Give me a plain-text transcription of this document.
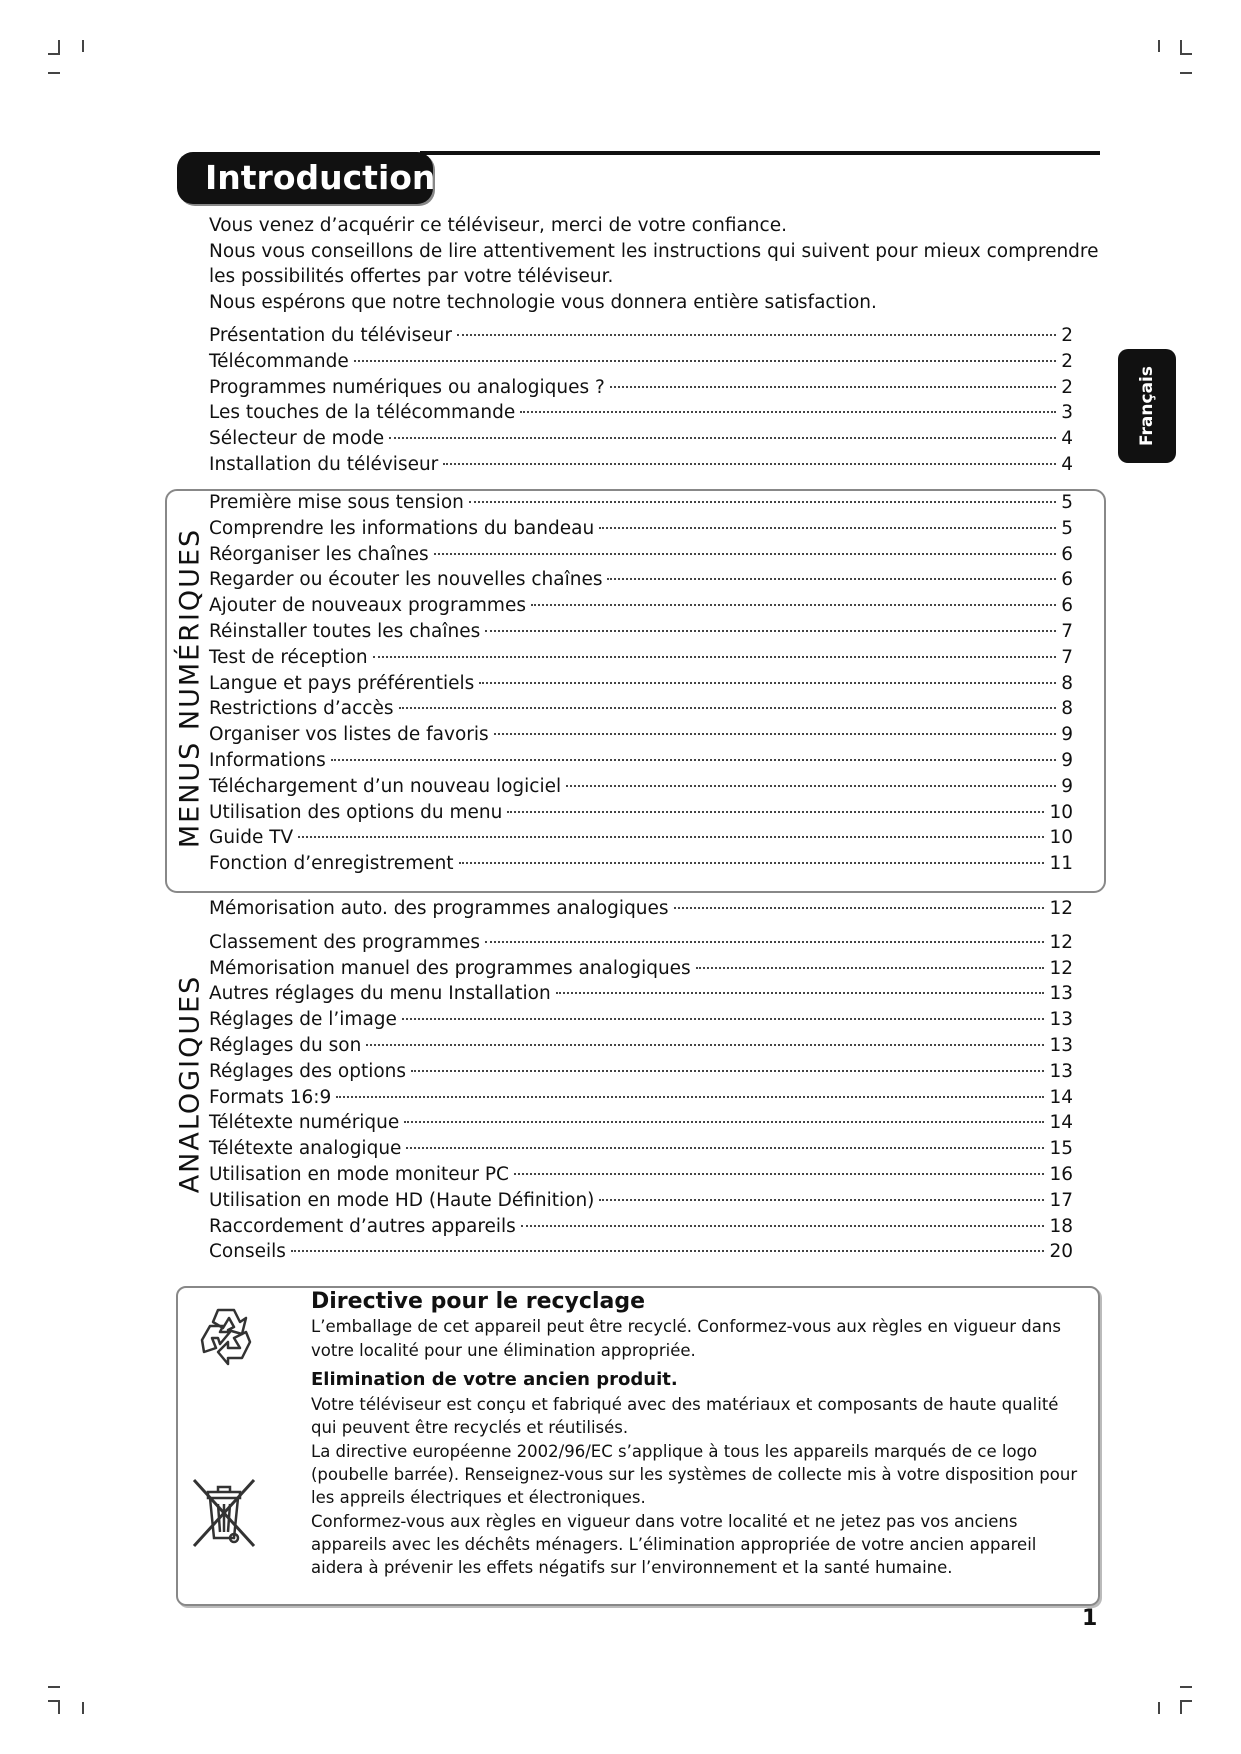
Introduction
Français

Vous venez d’acquérir ce téléviseur, merci de votre confiance.

Nous vous conseillons de lire attentivement les instructions qui suivent pour mieux comprendre les possibilités offertes par votre téléviseur.

Nous espérons que notre technologie vous donnera entière satisfaction.

MENUS NUMÉRIQUES
ANALOGIQUES
Présentation du téléviseur	2
Télécommande	2
Programmes numériques ou analogiques ?	2
Les touches de la télécommande	3
Sélecteur de mode	4
Installation du téléviseur	4
Première mise sous tension	5
Comprendre les informations du bandeau	5
Réorganiser les chaînes	6
Regarder ou écouter les nouvelles chaînes	6
Ajouter de nouveaux programmes	6
Réinstaller toutes les chaînes	7
Test de réception	7
Langue et pays préférentiels	8
Restrictions d’accès	8
Organiser vos listes de favoris	9
Informations	9
Téléchargement d’un nouveau logiciel	9
Utilisation des options du menu	10
Guide TV	10
Fonction d’enregistrement	11
Mémorisation auto. des programmes analogiques	12
Classement des programmes	12
Mémorisation manuel des programmes analogiques	12
Autres réglages du menu Installation	13
Réglages de l’image	13
Réglages du son	13
Réglages des options	13
Formats 16:9	14
Télétexte numérique	14
Télétexte analogique	15
Utilisation en mode moniteur PC	16
Utilisation en mode HD (Haute Définition)	17
Raccordement d’autres appareils	18
Conseils	20
Directive pour le recyclage

L’emballage de cet appareil peut être recyclé. Conformez-vous aux règles en vigueur dans votre localité pour une élimination appropriée.

Elimination de votre ancien produit.

Votre téléviseur est conçu et fabriqué avec des matériaux et composants de haute qualité qui peuvent être recyclés et réutilisés.

La directive européenne 2002/96/EC s’applique à tous les appareils marqués de ce logo (poubelle barrée). Renseignez-vous sur les systèmes de collecte mis à votre disposition pour les appreils électriques et électroniques.

Conformez-vous aux règles en vigueur dans votre localité et ne jetez pas vos anciens appareils avec les déchêts ménagers. L’élimination appropriée de votre ancien appareil aidera à prévenir les effets négatifs sur l’environnement et la santé humaine.

1
